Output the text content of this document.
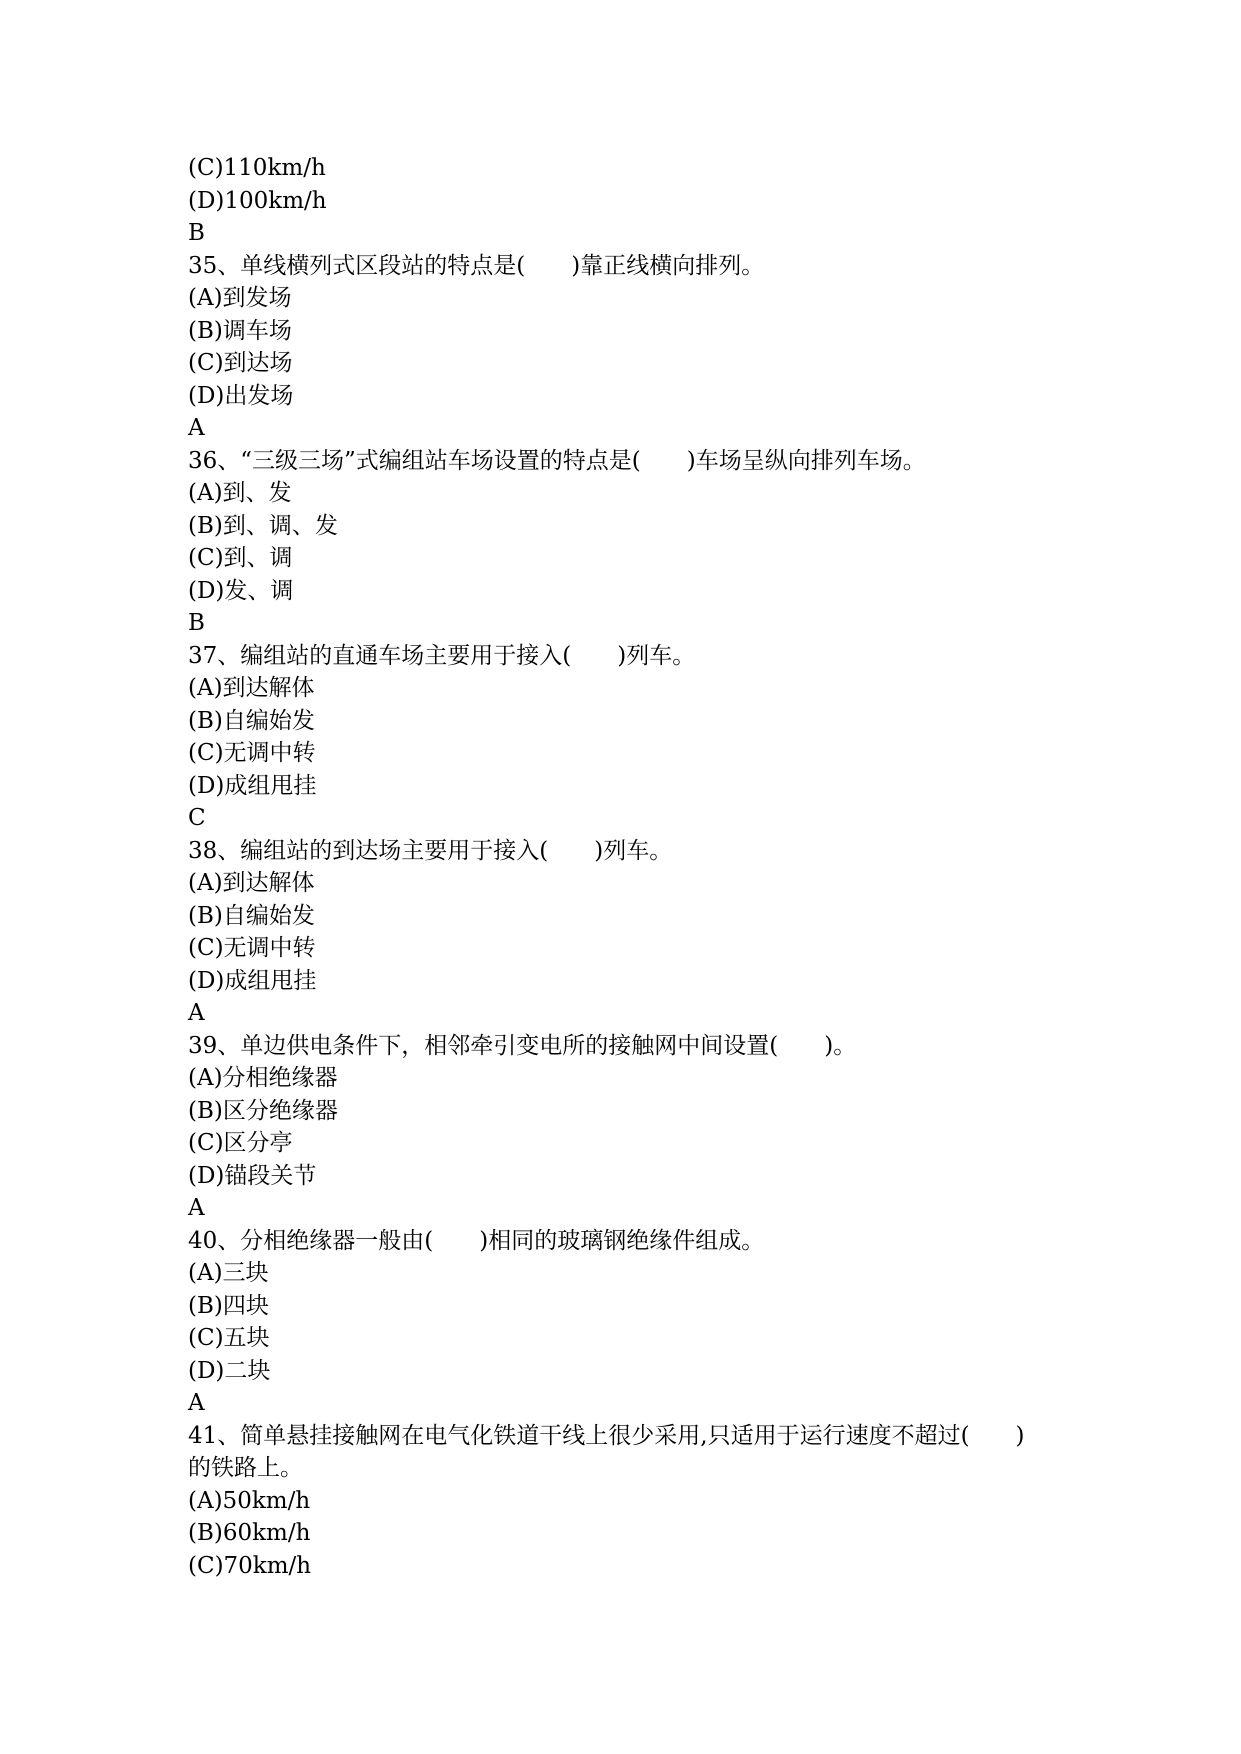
(C)110km/h
(D)100km/h
B
35、单线横列式区段站的特点是(　　)靠正线横向排列。
(A)到发场
(B)调车场
(C)到达场
(D)出发场
A
36、“三级三场”式编组站车场设置的特点是(　　)车场呈纵向排列车场。
(A)到、发
(B)到、调、发
(C)到、调
(D)发、调
B
37、编组站的直通车场主要用于接入(　　)列车。
(A)到达解体
(B)自编始发
(C)无调中转
(D)成组甩挂
C
38、编组站的到达场主要用于接入(　　)列车。
(A)到达解体
(B)自编始发
(C)无调中转
(D)成组甩挂
A
39、单边供电条件下，相邻牵引变电所的接触网中间设置(　　)。
(A)分相绝缘器
(B)区分绝缘器
(C)区分亭
(D)锚段关节
A
40、分相绝缘器一般由(　　)相同的玻璃钢绝缘件组成。
(A)三块
(B)四块
(C)五块
(D)二块
A
41、简单悬挂接触网在电气化铁道干线上很少采用,只适用于运行速度不超过(　　)
的铁路上。
(A)50km/h
(B)60km/h
(C)70km/h
